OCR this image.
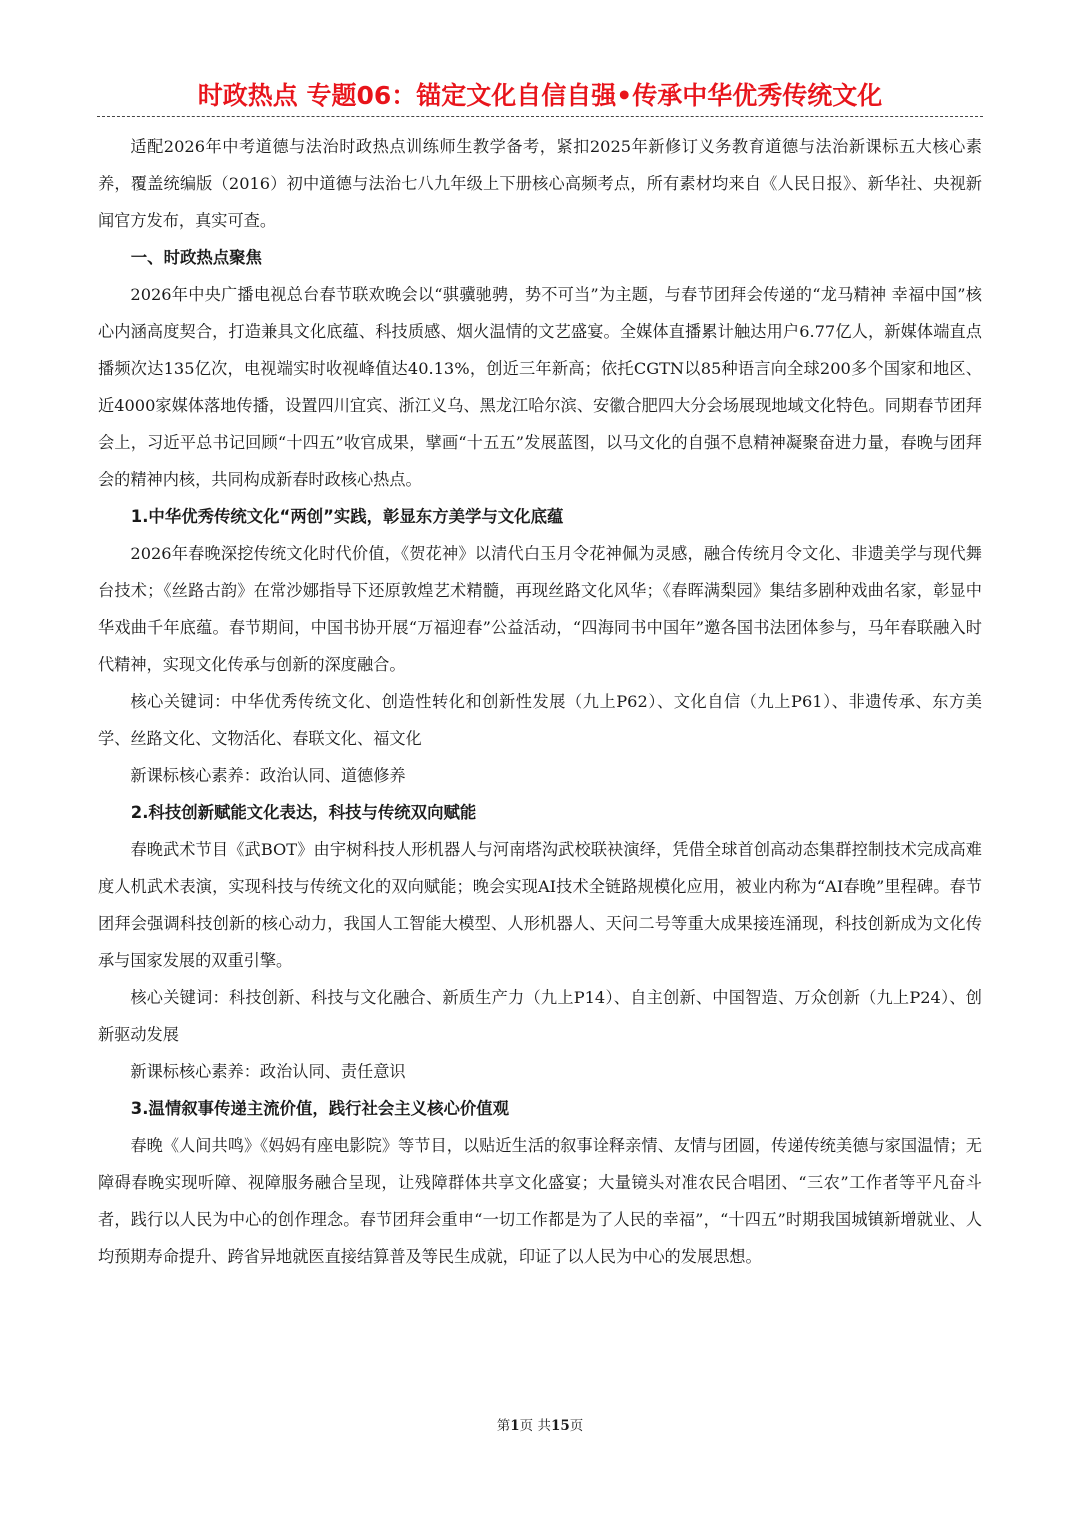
时政热点 专题06：锚定文化自信自强•传承中华优秀传统文化

适配2026年中考道德与法治时政热点训练师生教学备考，紧扣2025年新修订义务教育道德与法治新课标五大核心素养，覆盖统编版（2016）初中道德与法治七八九年级上下册核心高频考点，所有素材均来自《人民日报》、新华社、央视新闻官方发布，真实可查。

一、时政热点聚焦

2026年中央广播电视总台春节联欢晚会以“骐骥驰骋，势不可当”为主题，与春节团拜会传递的“龙马精神 幸福中国”核心内涵高度契合，打造兼具文化底蕴、科技质感、烟火温情的文艺盛宴。全媒体直播累计触达用户6.77亿人，新媒体端直点播频次达135亿次，电视端实时收视峰值达40.13%，创近三年新高；依托CGTN以85种语言向全球200多个国家和地区、近4000家媒体落地传播，设置四川宜宾、浙江义乌、黑龙江哈尔滨、安徽合肥四大分会场展现地域文化特色。同期春节团拜会上，习近平总书记回顾“十四五”收官成果，擘画“十五五”发展蓝图，以马文化的自强不息精神凝聚奋进力量，春晚与团拜会的精神内核，共同构成新春时政核心热点。

1.中华优秀传统文化“两创”实践，彰显东方美学与文化底蕴

2026年春晚深挖传统文化时代价值，《贺花神》以清代白玉月令花神佩为灵感，融合传统月令文化、非遗美学与现代舞台技术；《丝路古韵》在常沙娜指导下还原敦煌艺术精髓，再现丝路文化风华；《春晖满梨园》集结多剧种戏曲名家，彰显中华戏曲千年底蕴。春节期间，中国书协开展“万福迎春”公益活动，“四海同书中国年”邀各国书法团体参与，马年春联融入时代精神，实现文化传承与创新的深度融合。

核心关键词：中华优秀传统文化、创造性转化和创新性发展（九上P62）、文化自信（九上P61）、非遗传承、东方美学、丝路文化、文物活化、春联文化、福文化

新课标核心素养：政治认同、道德修养

2.科技创新赋能文化表达，科技与传统双向赋能

春晚武术节目《武BOT》由宇树科技人形机器人与河南塔沟武校联袂演绎，凭借全球首创高动态集群控制技术完成高难度人机武术表演，实现科技与传统文化的双向赋能；晚会实现AI技术全链路规模化应用，被业内称为“AI春晚”里程碑。春节团拜会强调科技创新的核心动力，我国人工智能大模型、人形机器人、天问二号等重大成果接连涌现，科技创新成为文化传承与国家发展的双重引擎。

核心关键词：科技创新、科技与文化融合、新质生产力（九上P14）、自主创新、中国智造、万众创新（九上P24）、创新驱动发展

新课标核心素养：政治认同、责任意识

3.温情叙事传递主流价值，践行社会主义核心价值观

春晚《人间共鸣》《妈妈有座电影院》等节目，以贴近生活的叙事诠释亲情、友情与团圆，传递传统美德与家国温情；无障碍春晚实现听障、视障服务融合呈现，让残障群体共享文化盛宴；大量镜头对准农民合唱团、“三农”工作者等平凡奋斗者，践行以人民为中心的创作理念。春节团拜会重申“一切工作都是为了人民的幸福”，“十四五”时期我国城镇新增就业、人均预期寿命提升、跨省异地就医直接结算普及等民生成就，印证了以人民为中心的发展思想。

第1页 共15页
